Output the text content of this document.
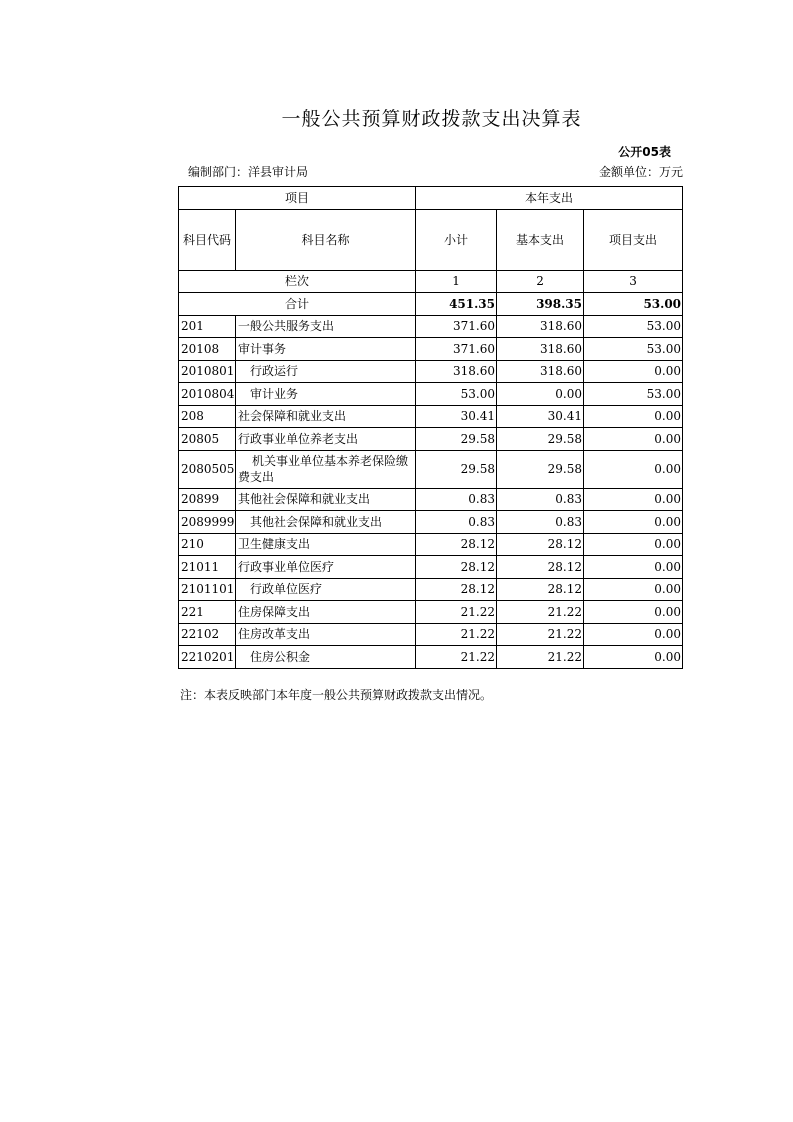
一般公共预算财政拨款支出决算表
公开05表
编制部门：洋县审计局	金额单位：万元
项目		本年支出		
科目代码	科目名称	小计	基本支出	项目支出
栏次		1	2	3
合计		451.35	398.35	53.00
201	一般公共服务支出	371.60	318.60	53.00
20108	审计事务	371.60	318.60	53.00
2010801	行政运行	318.60	318.60	0.00
2010804	审计业务	53.00	0.00	53.00
208	社会保障和就业支出	30.41	30.41	0.00
20805	行政事业单位养老支出	29.58	29.58	0.00
2080505	机关事业单位基本养老保险缴费支出	29.58	29.58	0.00
20899	其他社会保障和就业支出	0.83	0.83	0.00
2089999	其他社会保障和就业支出	0.83	0.83	0.00
210	卫生健康支出	28.12	28.12	0.00
21011	行政事业单位医疗	28.12	28.12	0.00
2101101	行政单位医疗	28.12	28.12	0.00
221	住房保障支出	21.22	21.22	0.00
22102	住房改革支出	21.22	21.22	0.00
2210201	住房公积金	21.22	21.22	0.00
注：本表反映部门本年度一般公共预算财政拨款支出情况。
